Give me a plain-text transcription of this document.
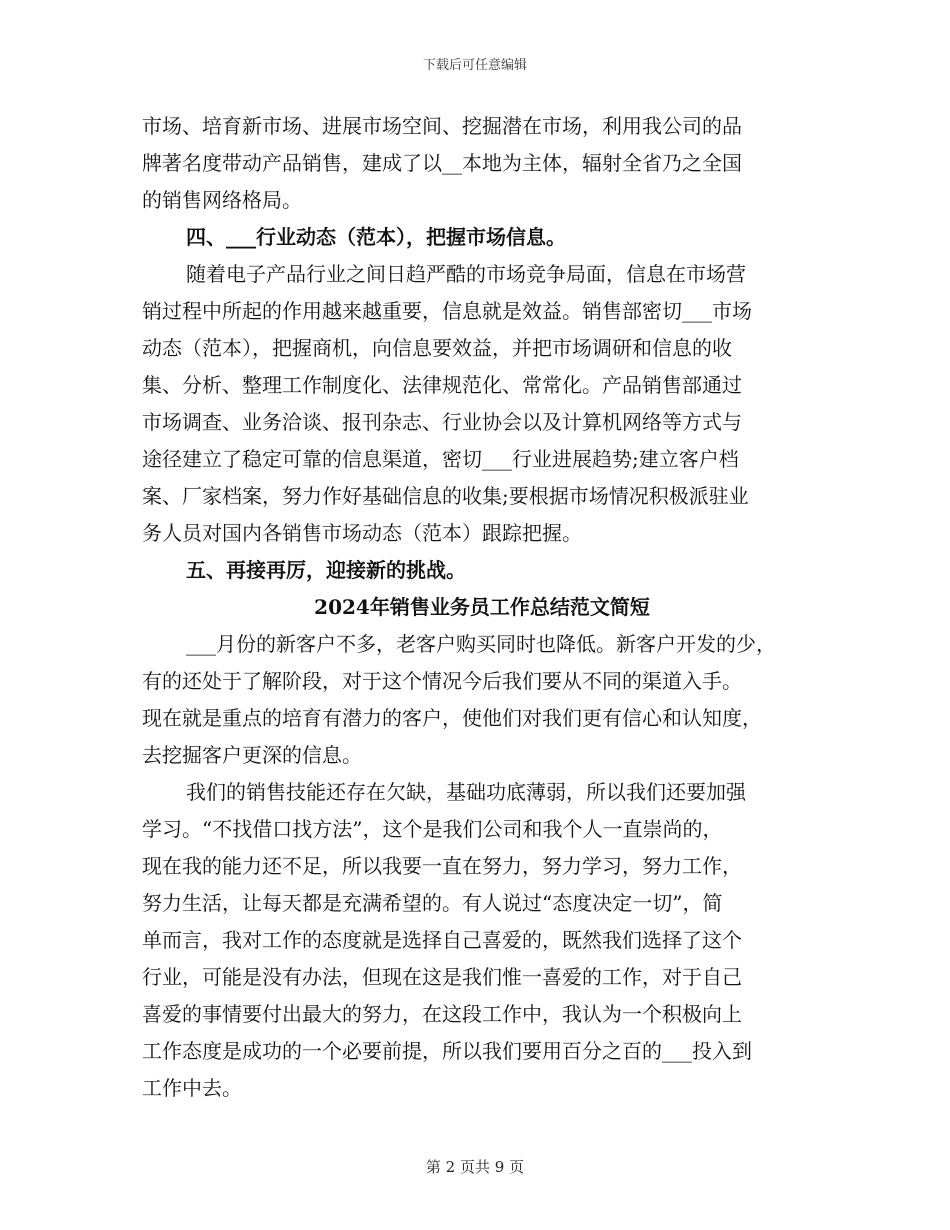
下载后可任意编辑
市场、培育新市场、进展市场空间、挖掘潜在市场，利用我公司的品
牌著名度带动产品销售，建成了以__本地为主体，辐射全省乃之全国
的销售网络格局。
四、___行业动态（范本），把握市场信息。
随着电子产品行业之间日趋严酷的市场竞争局面，信息在市场营
销过程中所起的作用越来越重要，信息就是效益。销售部密切___市场
动态（范本），把握商机，向信息要效益，并把市场调研和信息的收
集、分析、整理工作制度化、法律规范化、常常化。产品销售部通过
市场调查、业务洽谈、报刊杂志、行业协会以及计算机网络等方式与
途径建立了稳定可靠的信息渠道，密切___行业进展趋势;建立客户档
案、厂家档案，努力作好基础信息的收集;要根据市场情况积极派驻业
务人员对国内各销售市场动态（范本）跟踪把握。
五、再接再厉，迎接新的挑战。
2024年销售业务员工作总结范文简短
___月份的新客户不多，老客户购买同时也降低。新客户开发的少，
有的还处于了解阶段，对于这个情况今后我们要从不同的渠道入手。
现在就是重点的培育有潜力的客户，使他们对我们更有信心和认知度，
去挖掘客户更深的信息。
我们的销售技能还存在欠缺，基础功底薄弱，所以我们还要加强
学习。“不找借口找方法”，这个是我们公司和我个人一直崇尚的，
现在我的能力还不足，所以我要一直在努力，努力学习，努力工作，
努力生活，让每天都是充满希望的。有人说过“态度决定一切”，简
单而言，我对工作的态度就是选择自己喜爱的，既然我们选择了这个
行业，可能是没有办法，但现在这是我们惟一喜爱的工作，对于自己
喜爱的事情要付出最大的努力，在这段工作中，我认为一个积极向上
工作态度是成功的一个必要前提，所以我们要用百分之百的___投入到
工作中去。
第 2 页共 9 页
